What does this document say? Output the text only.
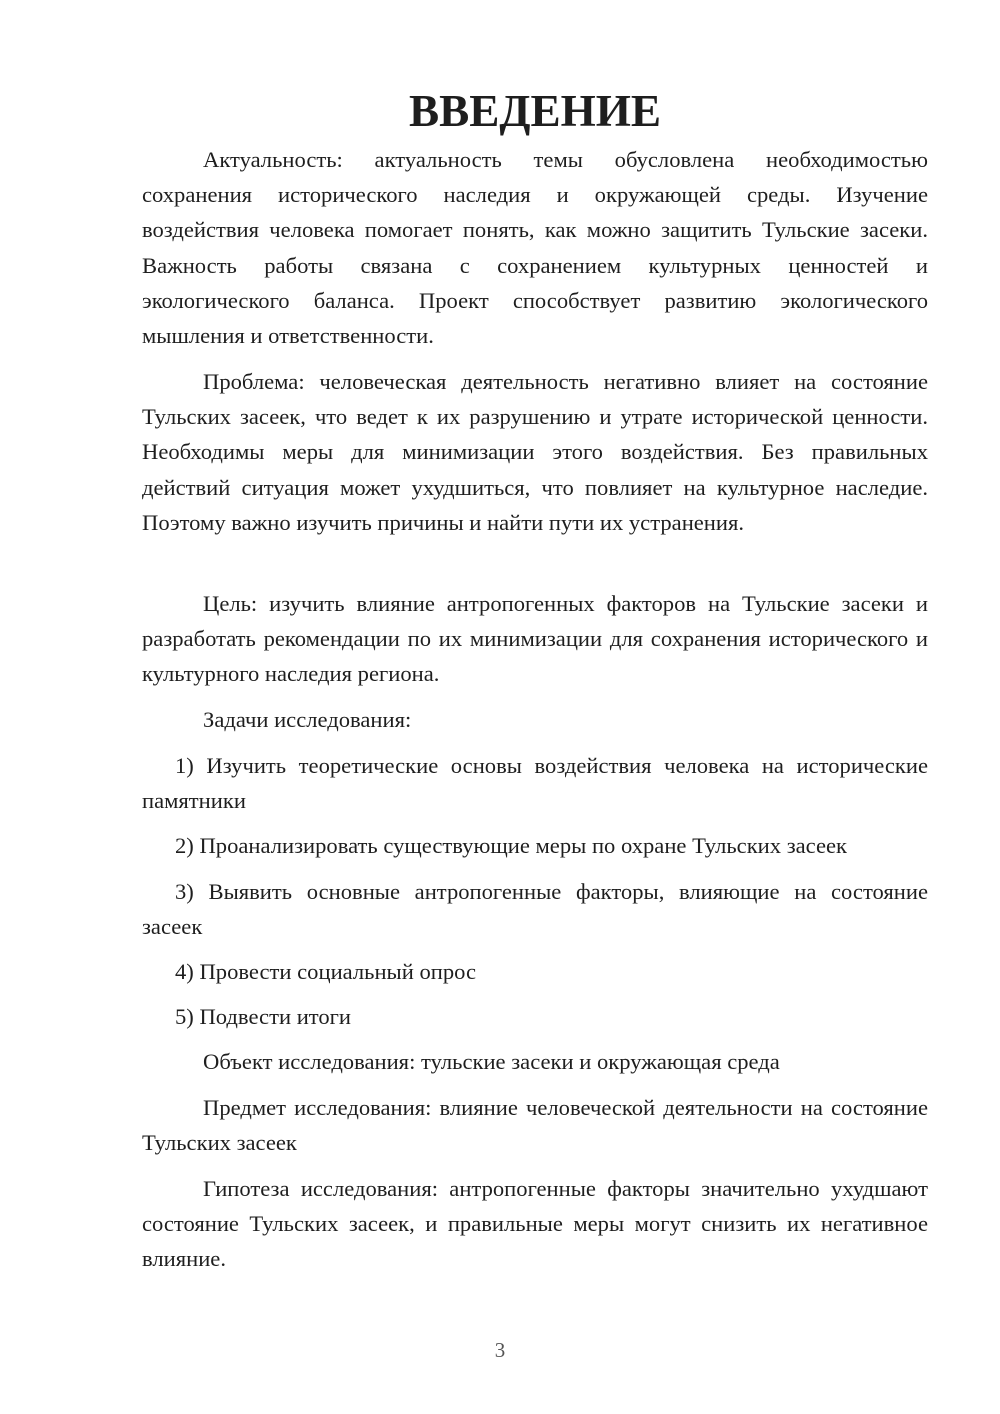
ВВЕДЕНИЕ

Актуальность: актуальность темы обусловлена необходимостью сохранения исторического наследия и окружающей среды. Изучение воздействия человека помогает понять, как можно защитить Тульские засеки. Важность работы связана с сохранением культурных ценностей и экологического баланса. Проект способствует развитию экологического мышления и ответственности.

Проблема: человеческая деятельность негативно влияет на состояние Тульских засеек, что ведет к их разрушению и утрате исторической ценности. Необходимы меры для минимизации этого воздействия. Без правильных действий ситуация может ухудшиться, что повлияет на культурное наследие. Поэтому важно изучить причины и найти пути их устранения.

Цель: изучить влияние антропогенных факторов на Тульские засеки и разработать рекомендации по их минимизации для сохранения исторического и культурного наследия региона.

Задачи исследования:

1) Изучить теоретические основы воздействия человека на исторические памятники

2) Проанализировать существующие меры по охране Тульских засеек

3) Выявить основные антропогенные факторы, влияющие на состояние засеек

4) Провести социальный опрос

5) Подвести итоги

Объект исследования: тульские засеки и окружающая среда

Предмет исследования: влияние человеческой деятельности на состояние Тульских засеек

Гипотеза исследования: антропогенные факторы значительно ухудшают состояние Тульских засеек, и правильные меры могут снизить их негативное влияние.

3
